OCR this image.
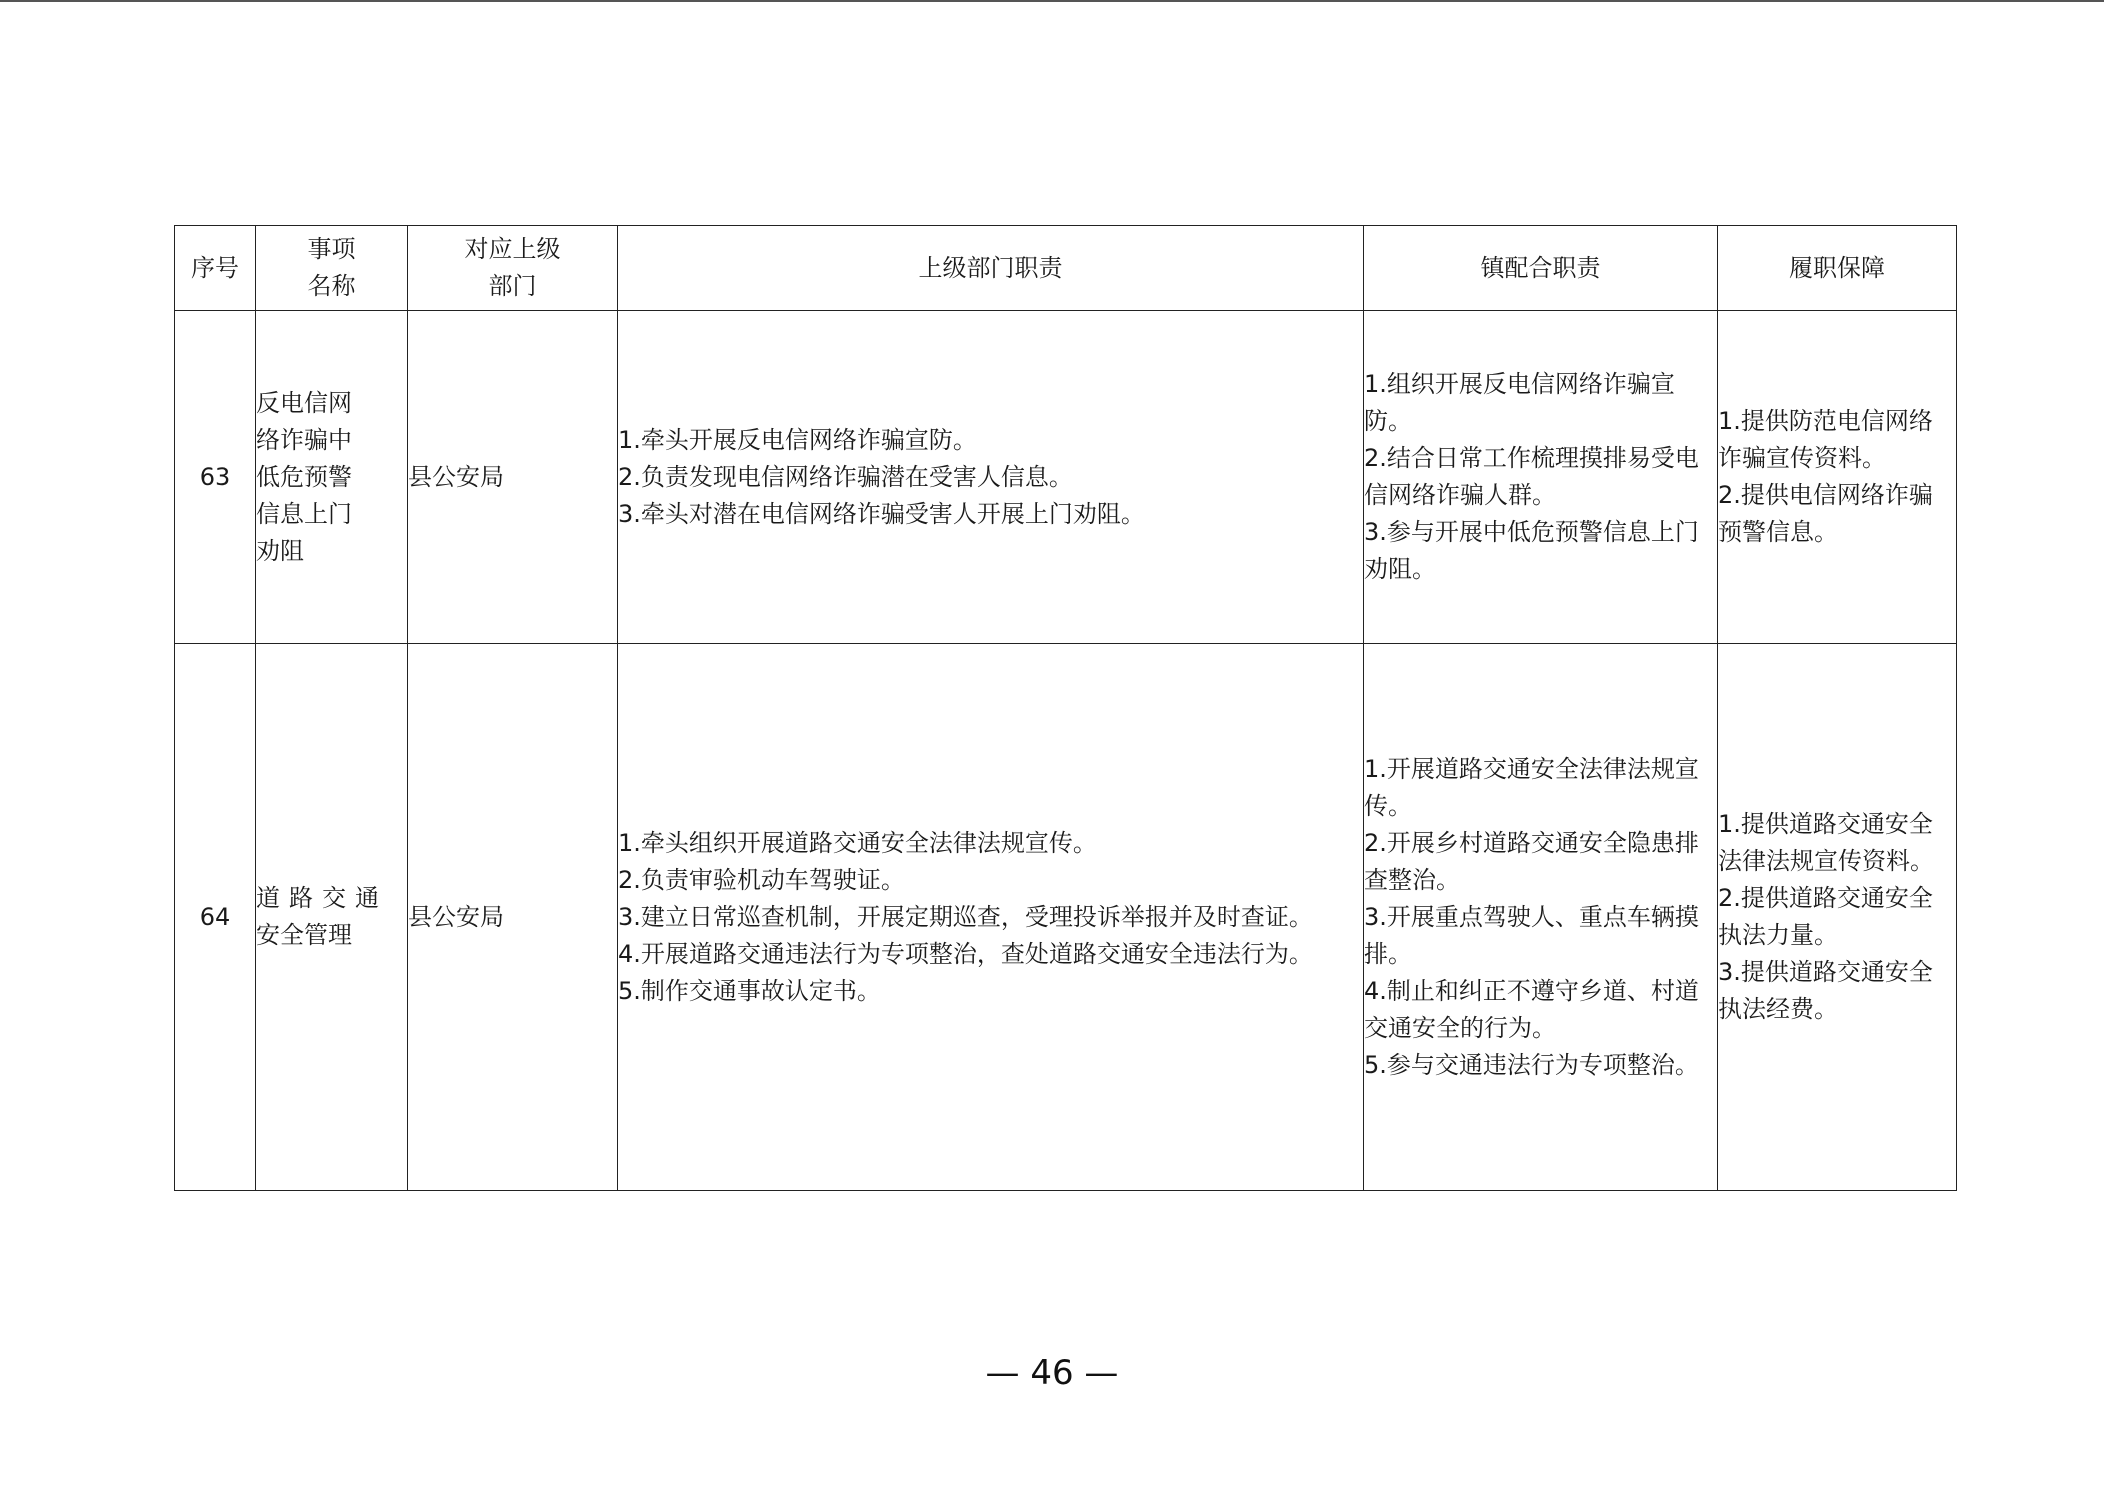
序号	事项
名称	对应上级
部门	上级部门职责	镇配合职责	履职保障

63	反电信网
络诈骗中
低危预警
信息上门
劝阻	县公安局	1.牵头开展反电信网络诈骗宣防。
2.负责发现电信网络诈骗潜在受害人信息。
3.牵头对潜在电信网络诈骗受害人开展上门劝阻。	1.组织开展反电信网络诈骗宣防。
2.结合日常工作梳理摸排易受电信网络诈骗人群。
3.参与开展中低危预警信息上门劝阻。	1.提供防范电信网络诈骗宣传资料。
2.提供电信网络诈骗预警信息。

64	道路交通
安全管理	县公安局	1.牵头组织开展道路交通安全法律法规宣传。
2.负责审验机动车驾驶证。
3.建立日常巡查机制，开展定期巡查，受理投诉举报并及时查证。
4.开展道路交通违法行为专项整治，查处道路交通安全违法行为。
5.制作交通事故认定书。	1.开展道路交通安全法律法规宣传。
2.开展乡村道路交通安全隐患排查整治。
3.开展重点驾驶人、重点车辆摸排。
4.制止和纠正不遵守乡道、村道交通安全的行为。
5.参与交通违法行为专项整治。	1.提供道路交通安全法律法规宣传资料。
2.提供道路交通安全执法力量。
3.提供道路交通安全执法经费。
— 46 —
